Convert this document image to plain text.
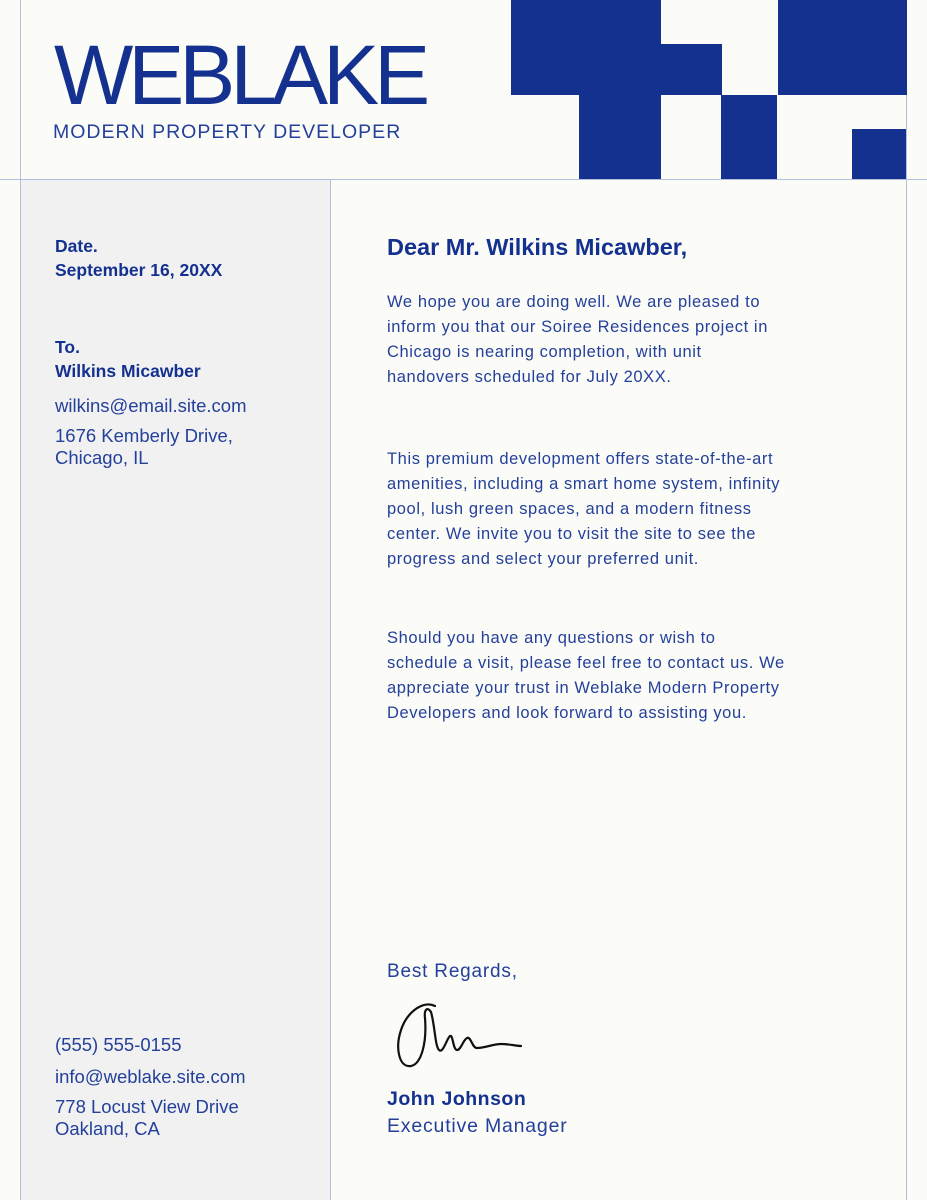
WEBLAKE
MODERN PROPERTY DEVELOPER
Date.
September 16, 20XX
To.
Wilkins Micawber
wilkins@email.site.com
1676 Kemberly Drive,
Chicago, IL
(555) 555-0155
info@weblake.site.com
778 Locust View Drive
Oakland, CA
Dear Mr. Wilkins Micawber,

We hope you are doing well. We are pleased to inform you that our Soiree Residences project in Chicago is nearing completion, with unit handovers scheduled for July 20XX.

This premium development offers state-of-the-art amenities, including a smart home system, infinity pool, lush green spaces, and a modern fitness center. We invite you to visit the site to see the progress and select your preferred unit.

Should you have any questions or wish to schedule a visit, please feel free to contact us. We appreciate your trust in Weblake Modern Property Developers and look forward to assisting you.

Best Regards,
John Johnson
Executive Manager
